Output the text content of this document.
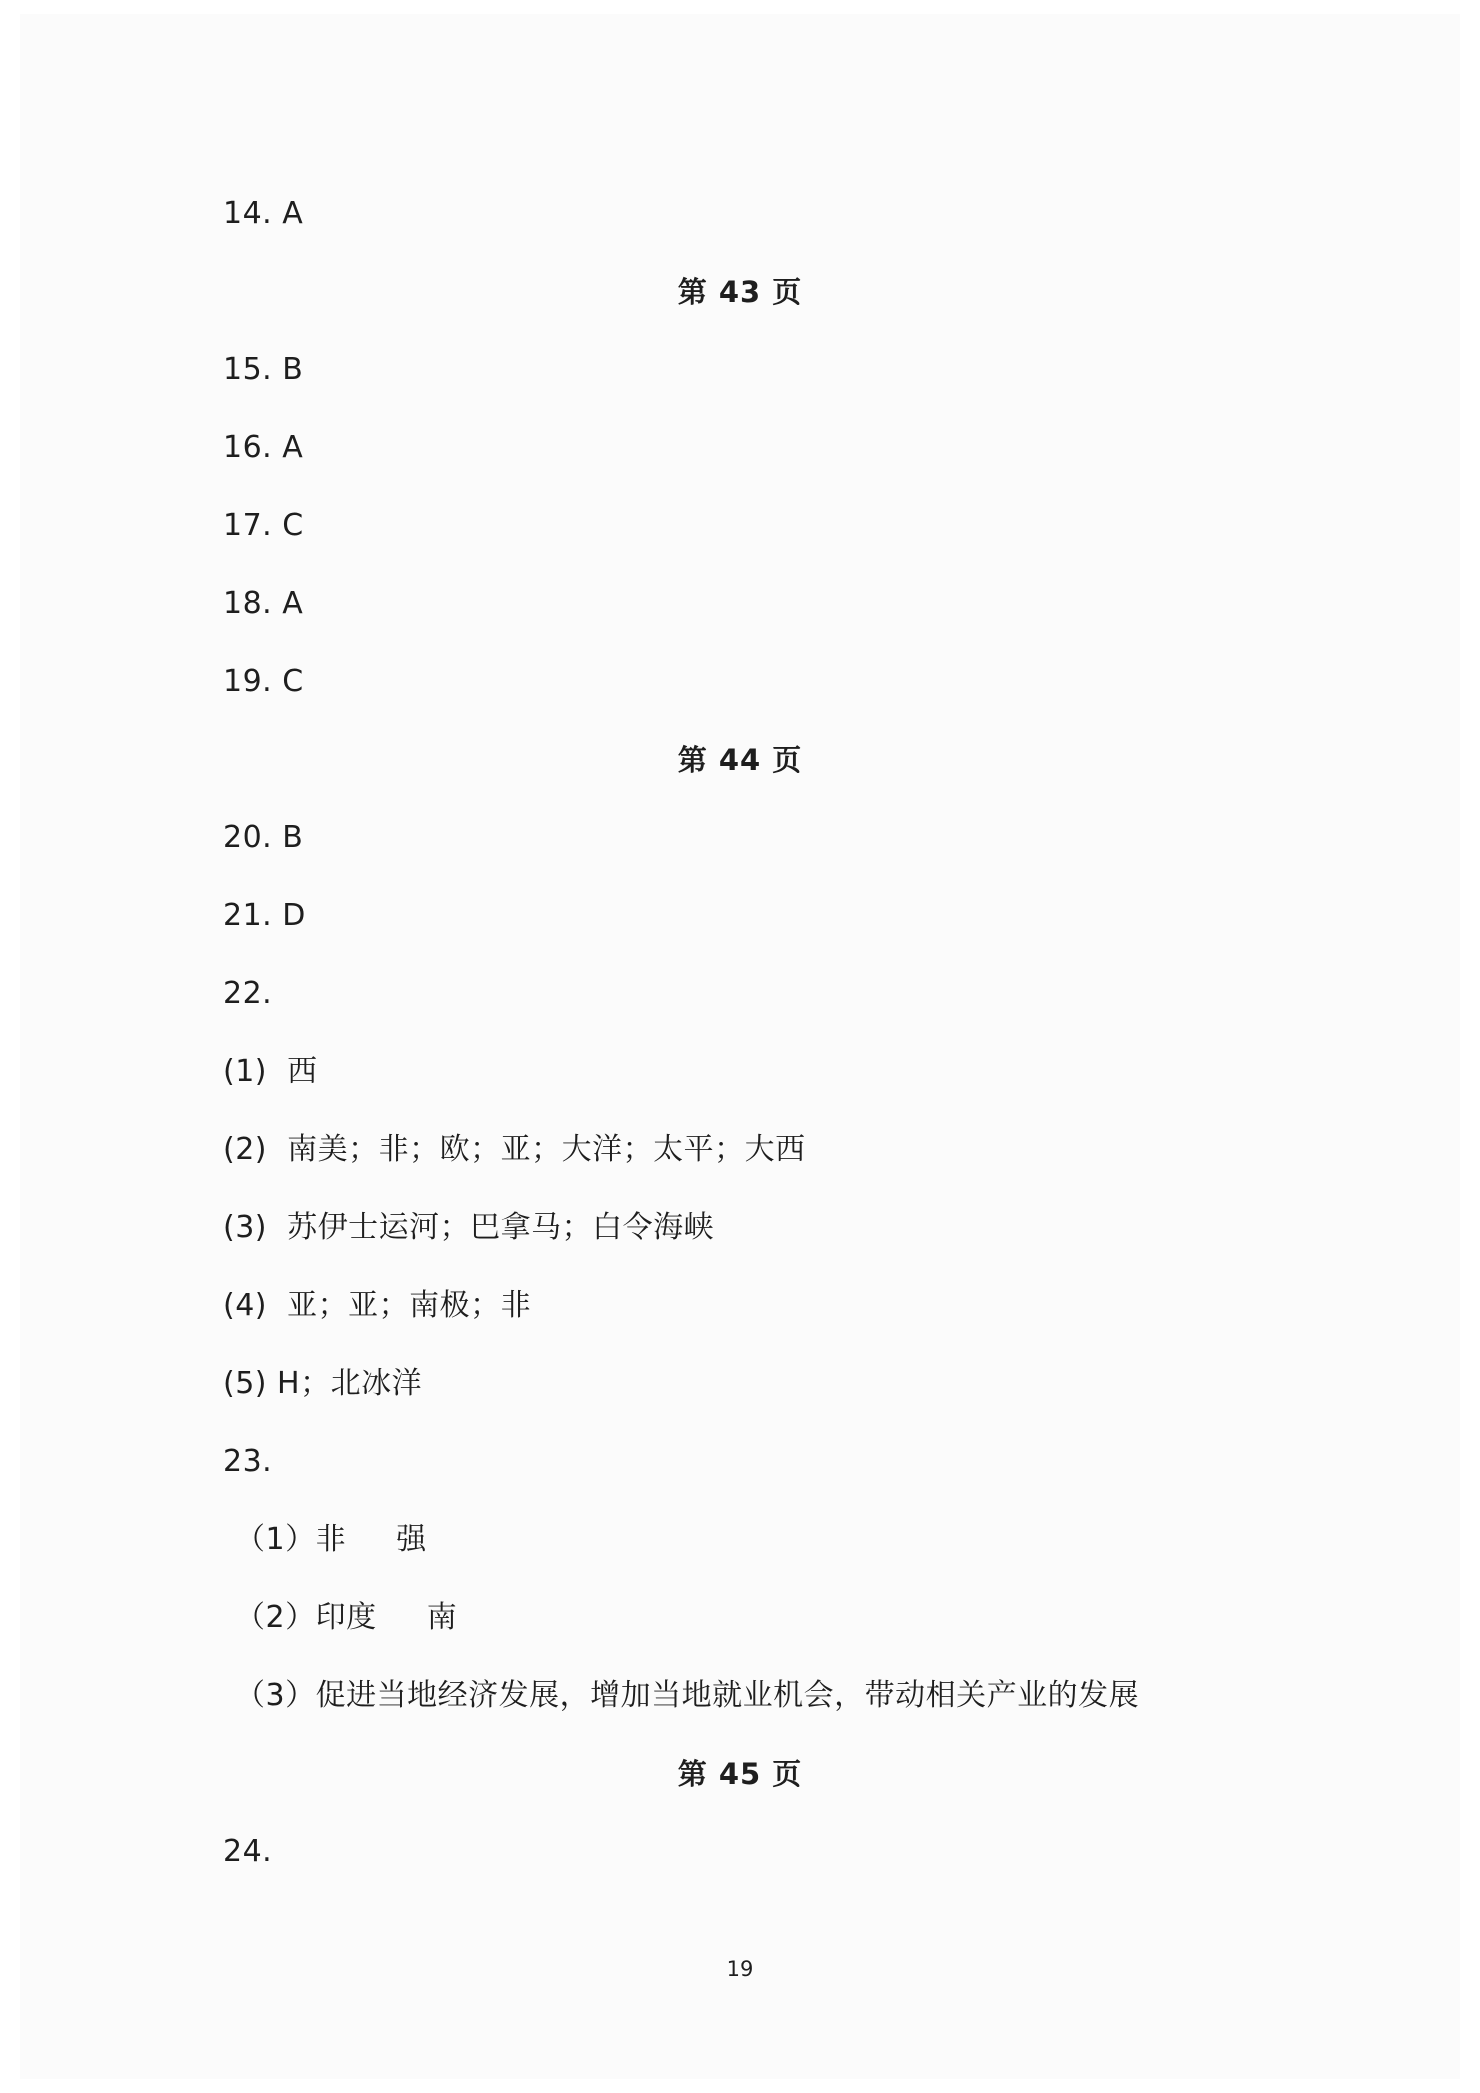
14. A
第 43 页
15. B
16. A
17. C
18. A
19. C
第 44 页
20. B
21. D
22.
(1)  西
(2)  南美；非；欧；亚；大洋；太平；大西
(3)  苏伊士运河；巴拿马；白令海峡
(4)  亚；亚；南极；非
(5) H；北冰洋
23.
（1）非     强
（2）印度     南
（3）促进当地经济发展，增加当地就业机会，带动相关产业的发展
第 45 页
24.
19
